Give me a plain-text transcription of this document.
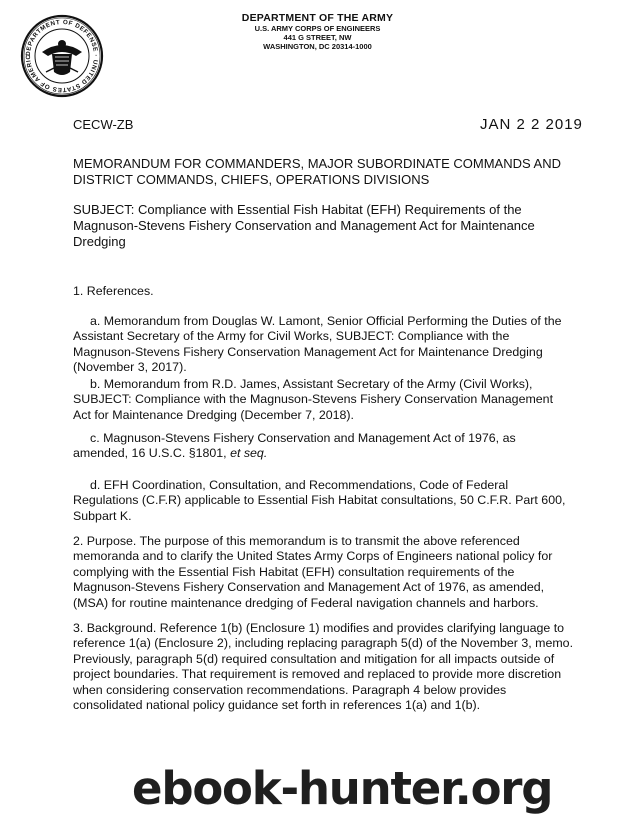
DEPARTMENT OF DEFENSE · UNITED STATES OF AMERIC
DEPARTMENT OF THE ARMY
U.S. ARMY CORPS OF ENGINEERS
441 G STREET, NW
WASHINGTON, DC 20314-1000
CECW-ZB	JAN 2 2 2019
MEMORANDUM FOR COMMANDERS, MAJOR SUBORDINATE COMMANDS AND DISTRICT COMMANDS, CHIEFS, OPERATIONS DIVISIONS
SUBJECT: Compliance with Essential Fish Habitat (EFH) Requirements of the Magnuson-Stevens Fishery Conservation and Management Act for Maintenance Dredging
1. References.
a. Memorandum from Douglas W. Lamont, Senior Official Performing the Duties of the Assistant Secretary of the Army for Civil Works, SUBJECT: Compliance with the Magnuson-Stevens Fishery Conservation Management Act for Maintenance Dredging (November 3, 2017).
b. Memorandum from R.D. James, Assistant Secretary of the Army (Civil Works), SUBJECT: Compliance with the Magnuson-Stevens Fishery Conservation Management Act for Maintenance Dredging (December 7, 2018).
c. Magnuson-Stevens Fishery Conservation and Management Act of 1976, as amended, 16 U.S.C. §1801, et seq.
d. EFH Coordination, Consultation, and Recommendations, Code of Federal Regulations (C.F.R) applicable to Essential Fish Habitat consultations, 50 C.F.R. Part 600, Subpart K.
2. Purpose. The purpose of this memorandum is to transmit the above referenced memoranda and to clarify the United States Army Corps of Engineers national policy for complying with the Essential Fish Habitat (EFH) consultation requirements of the Magnuson-Stevens Fishery Conservation and Management Act of 1976, as amended, (MSA) for routine maintenance dredging of Federal navigation channels and harbors.
3. Background. Reference 1(b) (Enclosure 1) modifies and provides clarifying language to reference 1(a) (Enclosure 2), including replacing paragraph 5(d) of the November 3, memo. Previously, paragraph 5(d) required consultation and mitigation for all impacts outside of project boundaries. That requirement is removed and replaced to provide more discretion when considering conservation recommendations. Paragraph 4 below provides consolidated national policy guidance set forth in references 1(a) and 1(b).
ebook-hunter.org
